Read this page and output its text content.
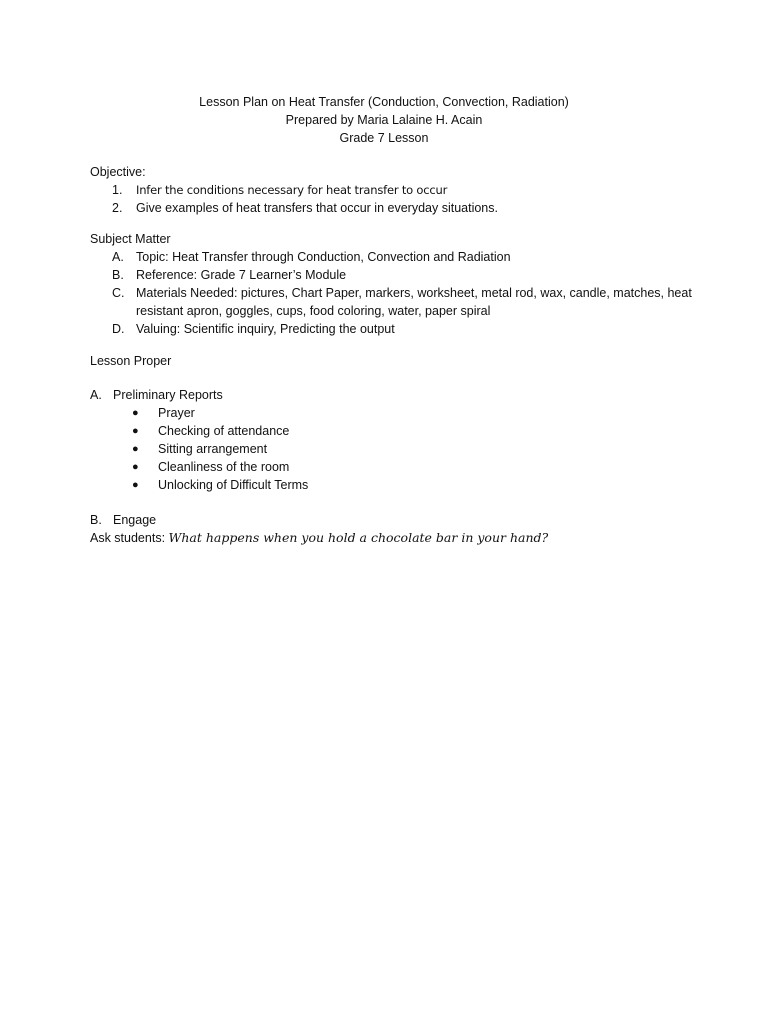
Lesson Plan on Heat Transfer (Conduction, Convection, Radiation)
Prepared by Maria Lalaine H. Acain
Grade 7 Lesson
Objective:
1. Infer the conditions necessary for heat transfer to occur
2. Give examples of heat transfers that occur in everyday situations.
Subject Matter
A. Topic: Heat Transfer through Conduction, Convection and Radiation
B. Reference: Grade 7 Learner’s Module
C. Materials Needed: pictures, Chart Paper, markers, worksheet, metal rod, wax, candle, matches, heat resistant apron, goggles, cups, food coloring, water, paper spiral
D. Valuing: Scientific inquiry, Predicting the output
Lesson Proper
A. Preliminary Reports
● Prayer
● Checking of attendance
● Sitting arrangement
● Cleanliness of the room
● Unlocking of Difficult Terms
B. Engage
Ask students: What happens when you hold a chocolate bar in your hand?
